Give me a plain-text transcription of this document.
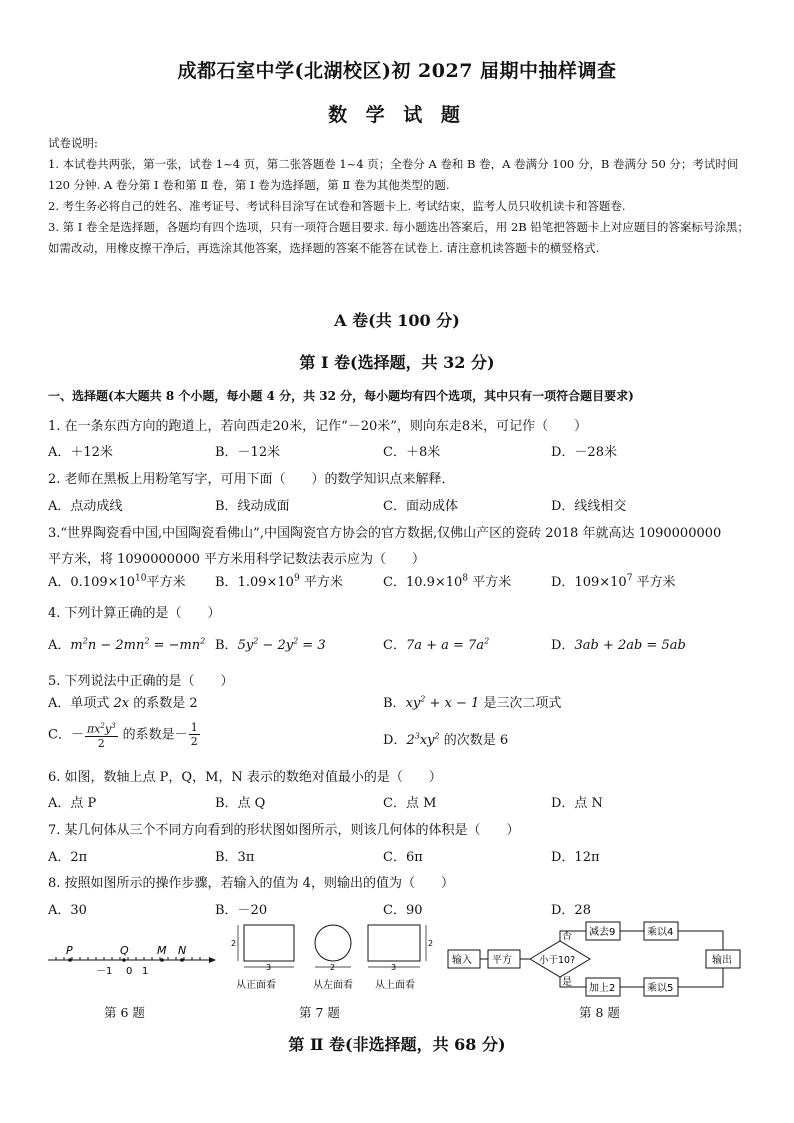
成都石室中学(北湖校区)初 2027 届期中抽样调查
数 学 试 题

试卷说明:

1. 本试卷共两张，第一张，试卷 1~4 页，第二张答题卷 1~4 页；全卷分 A 卷和 B 卷，A 卷满分 100 分，B 卷满分 50 分；考试时间 120 分钟. A 卷分第 Ⅰ 卷和第 Ⅱ 卷，第 Ⅰ 卷为选择题，第 Ⅱ 卷为其他类型的题.

2. 考生务必将自己的姓名、准考证号、考试科目涂写在试卷和答题卡上. 考试结束，监考人员只收机读卡和答题卷.

3. 第 Ⅰ 卷全是选择题，各题均有四个选项，只有一项符合题目要求. 每小题选出答案后，用 2B 铅笔把答题卡上对应题目的答案标号涂黑；如需改动，用橡皮擦干净后，再选涂其他答案，选择题的答案不能答在试卷上. 请注意机读答题卡的横竖格式.

A 卷(共 100 分)
第 Ⅰ 卷(选择题，共 32 分)
一、选择题(本大题共 8 个小题，每小题 4 分，共 32 分，每小题均有四个选项，其中只有一项符合题目要求)
1. 在一条东西方向的跑道上，若向西走20米，记作“－20米”，则向东走8米，可记作（　　）
A．＋12米	B．－12米	C．＋8米	D．－28米
2. 老师在黑板上用粉笔写字，可用下面（　　）的数学知识点来解释．
A．点动成线	B．线动成面	C．面动成体	D．线线相交
3.“世界陶瓷看中国,中国陶瓷看佛山”,中国陶瓷官方协会的官方数据,仅佛山产区的瓷砖 2018 年就高达 1090000000
平方米，将 1090000000 平方米用科学记数法表示应为（　　）
A．$0.109\times 10^{10}$平方米 B．$1.09\times 10^9$ 平方米	C．$10.9\times 10^8$ 平方米	D．$109\times 10^7$ 平方米
4. 下列计算正确的是（　　）
A．$m^2n - 2mn^2 = -mn^2$ B．$5y^2 - 2y^2 = 3$	C．$7a + a = 7a^2$	D．3ab + 2ab = 5ab
5. 下列说法中正确的是（　　）
A．单项式 2x 的系数是 2	B．$xy^2 + x - 1$ 是三次二项式
C．－ $\frac{\pi x^2y^3}{2}$ 的系数是－ $\frac{1}{2}$	D．$2^3xy^2$ 的次数是 6
6. 如图，数轴上点 P，Q，M，N 表示的数绝对值最小的是（　　）
A．点 P	B．点 Q	C．点 M	D．点 N
7. 某几何体从三个不同方向看到的形状图如图所示，则该几何体的体积是（　　）
A．2π	B．3π	C．6π	D．12π
8. 按照如图所示的操作步骤，若输入的值为 4，则输出的值为（　　）
A．30	B．－20	C．90	D．28
P	Q	M N
－1 0 1
2
3	2
2
3
从正面看	从左面看 从上面看
输入 平方	小于10?
否 减去9	乘以4
是
加上2	乘以5
输出
第 6 题	第 7 题	第 8 题
第 Ⅱ 卷(非选择题，共 68 分)
